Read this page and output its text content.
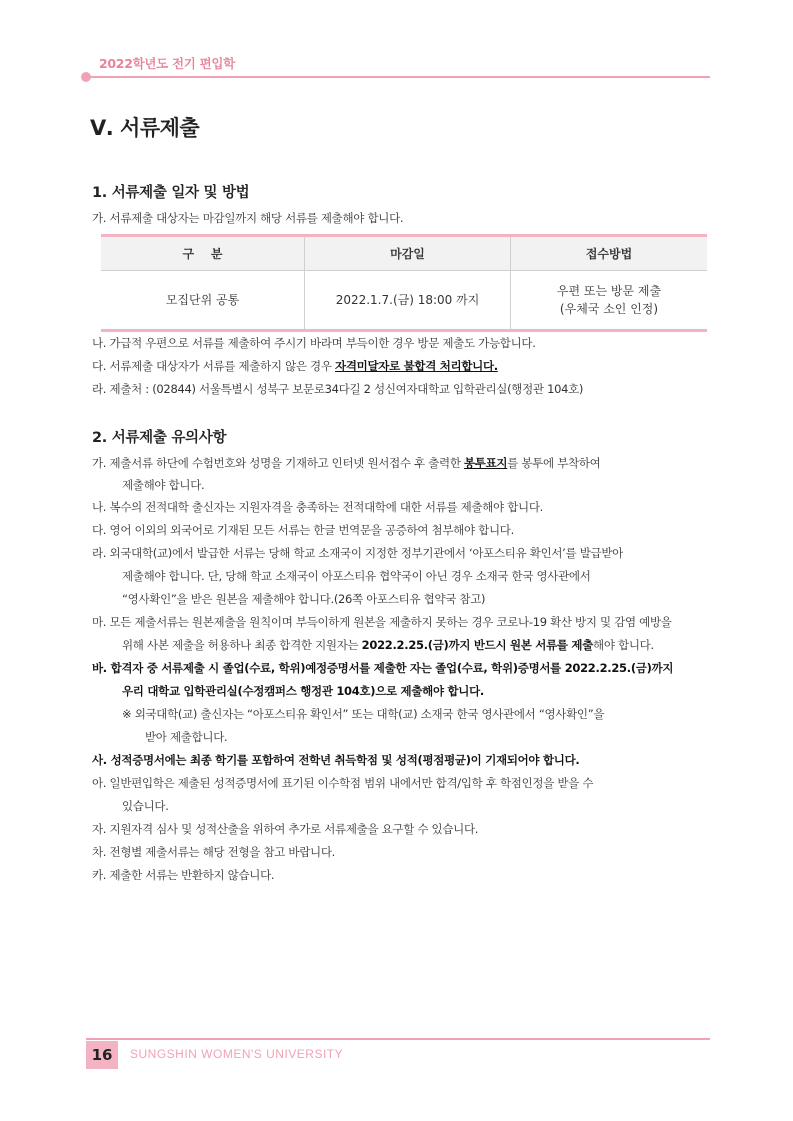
2022학년도 전기 편입학
Ⅴ. 서류제출
1. 서류제출 일자 및 방법
가. 서류제출 대상자는 마감일까지 해당 서류를 제출해야 합니다.
구    분	마감일	접수방법
모집단위 공통	2022.1.7.(금) 18:00 까지	우편 또는 방문 제출
(우체국 소인 인정)
나. 가급적 우편으로 서류를 제출하여 주시기 바라며 부득이한 경우 방문 제출도 가능합니다.
다. 서류제출 대상자가 서류를 제출하지 않은 경우 자격미달자로 불합격 처리합니다.
라. 제출처 : (02844) 서울특별시 성북구 보문로34다길 2 성신여자대학교 입학관리실(행정관 104호)
2. 서류제출 유의사항
가. 제출서류 하단에 수험번호와 성명을 기재하고 인터넷 원서접수 후 출력한 봉투표지를 봉투에 부착하여
제출해야 합니다.
나. 복수의 전적대학 출신자는 지원자격을 충족하는 전적대학에 대한 서류를 제출해야 합니다.
다. 영어 이외의 외국어로 기재된 모든 서류는 한글 번역문을 공증하여 첨부해야 합니다.
라. 외국대학(교)에서 발급한 서류는 당해 학교 소재국이 지정한 정부기관에서 ‘아포스티유 확인서’를 발급받아
제출해야 합니다. 단, 당해 학교 소재국이 아포스티유 협약국이 아닌 경우 소재국 한국 영사관에서
“영사확인”을 받은 원본을 제출해야 합니다.(26쪽 아포스티유 협약국 참고)
마. 모든 제출서류는 원본제출을 원칙이며 부득이하게 원본을 제출하지 못하는 경우 코로나-19 확산 방지 및 감염 예방을
위해 사본 제출을 허용하나 최종 합격한 지원자는 2022.2.25.(금)까지 반드시 원본 서류를 제출해야 합니다.
바. 합격자 중 서류제출 시 졸업(수료, 학위)예정증명서를 제출한 자는 졸업(수료, 학위)증명서를 2022.2.25.(금)까지
우리 대학교 입학관리실(수정캠퍼스 행정관 104호)으로 제출해야 합니다.
※ 외국대학(교) 출신자는 “아포스티유 확인서” 또는 대학(교) 소재국 한국 영사관에서 “영사확인”을
받아 제출합니다.
사. 성적증명서에는 최종 학기를 포함하여 전학년 취득학점 및 성적(평점평균)이 기재되어야 합니다.
아. 일반편입학은 제출된 성적증명서에 표기된 이수학점 범위 내에서만 합격/입학 후 학점인정을 받을 수
있습니다.
자. 지원자격 심사 및 성적산출을 위하여 추가로 서류제출을 요구할 수 있습니다.
차. 전형별 제출서류는 해당 전형을 참고 바랍니다.
카. 제출한 서류는 반환하지 않습니다.
16	SUNGSHIN WOMEN'S UNIVERSITY
